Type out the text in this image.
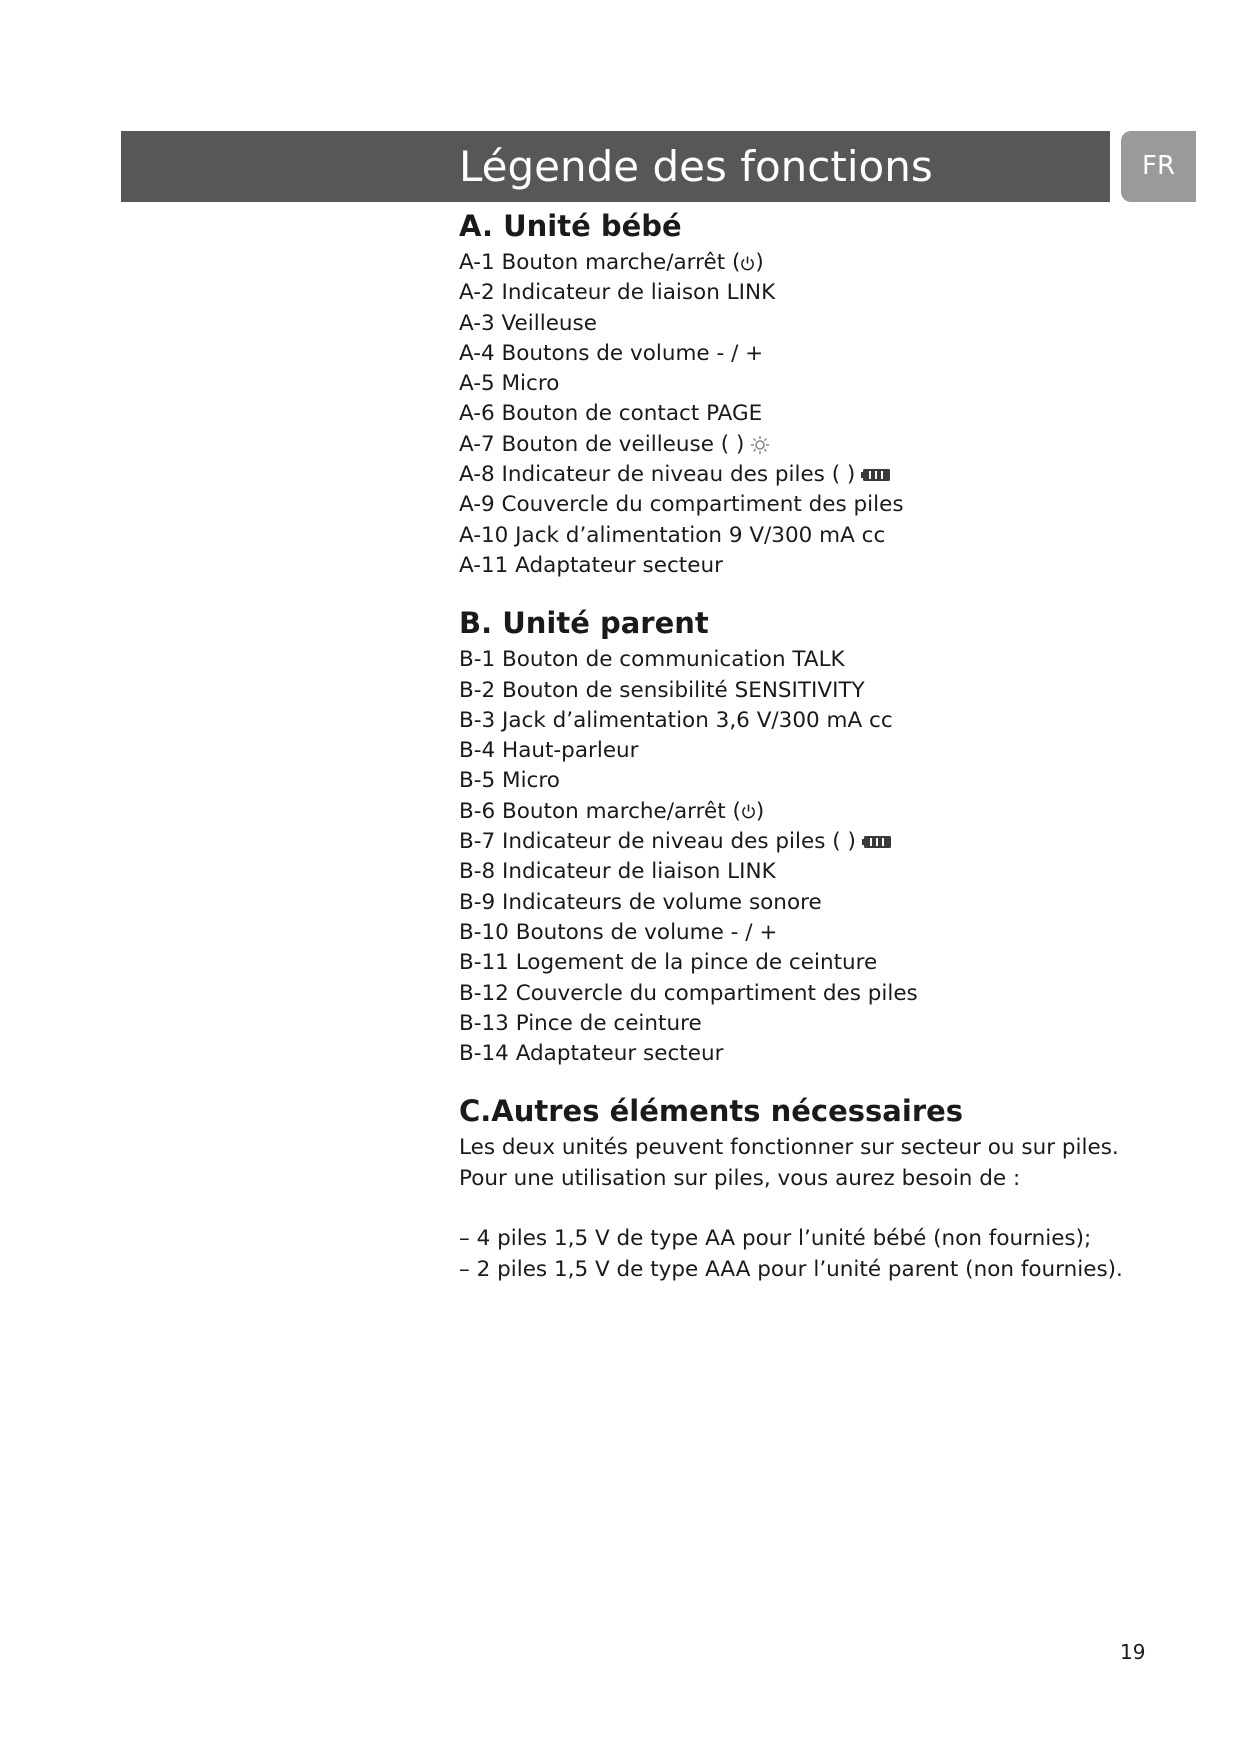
Légende des fonctions	FR
A. Unité bébé
A-1 Bouton marche/arrêt ( )
A-2 Indicateur de liaison LINK
A-3 Veilleuse
A-4 Boutons de volume - / +
A-5 Micro
A-6 Bouton de contact PAGE
A-7 Bouton de veilleuse ( )
A-8 Indicateur de niveau des piles ( )
A-9 Couvercle du compartiment des piles
A-10 Jack d’alimentation 9 V/300 mA cc
A-11 Adaptateur secteur
B. Unité parent
B-1 Bouton de communication TALK
B-2 Bouton de sensibilité SENSITIVITY
B-3 Jack d’alimentation 3,6 V/300 mA cc
B-4 Haut-parleur
B-5 Micro
B-6 Bouton marche/arrêt ( )
B-7 Indicateur de niveau des piles ( )
B-8 Indicateur de liaison LINK
B-9 Indicateurs de volume sonore
B-10 Boutons de volume - / +
B-11 Logement de la pince de ceinture
B-12 Couvercle du compartiment des piles
B-13 Pince de ceinture
B-14 Adaptateur secteur
C.Autres éléments nécessaires

Les deux unités peuvent fonctionner sur secteur ou sur piles.

Pour une utilisation sur piles, vous aurez besoin de :

– 4 piles 1,5 V de type AA pour l’unité bébé (non fournies);

– 2 piles 1,5 V de type AAA pour l’unité parent (non fournies).

19
